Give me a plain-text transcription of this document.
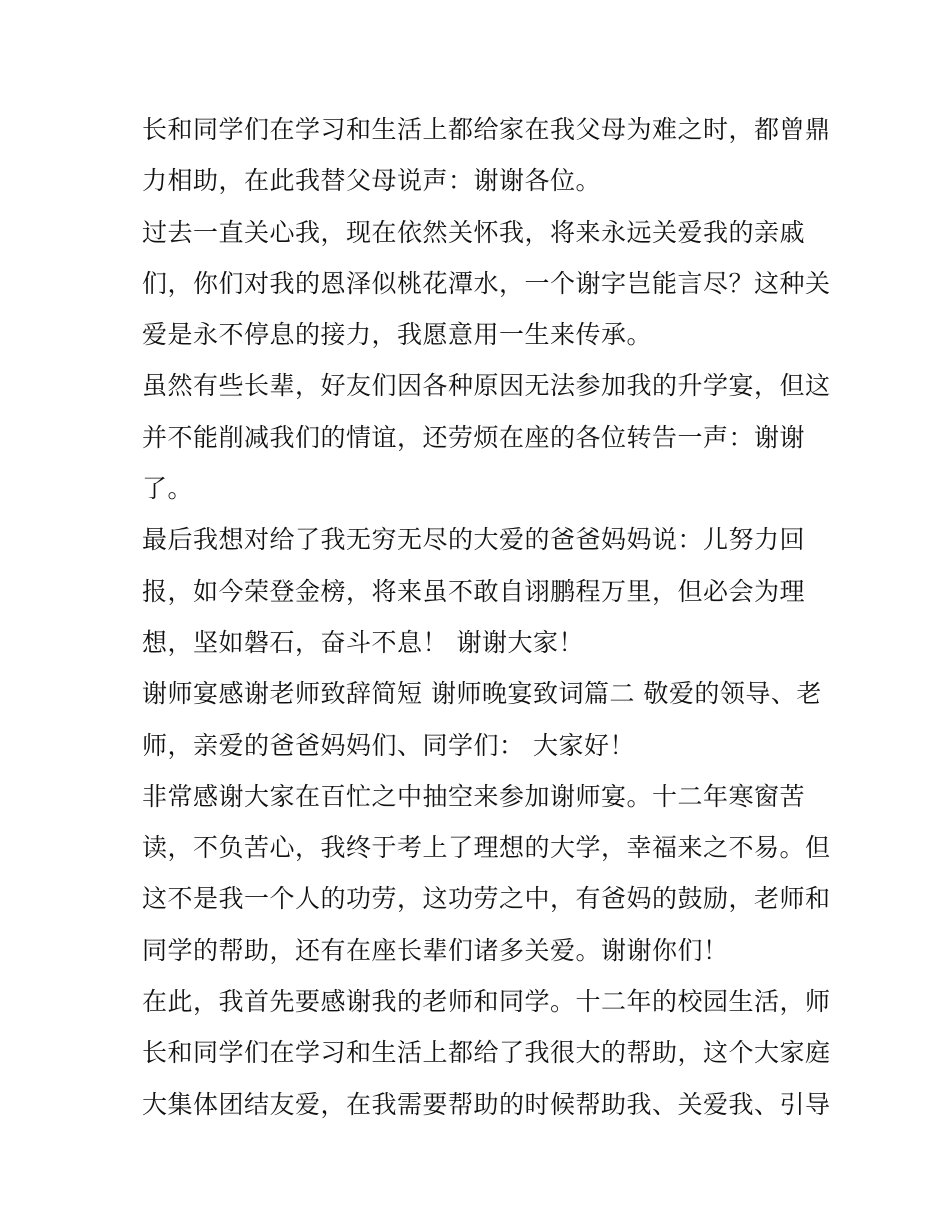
长和同学们在学习和生活上都给家在我父母为难之时，都曾鼎
力相助，在此我替父母说声：谢谢各位。

过去一直关心我，现在依然关怀我，将来永远关爱我的亲戚
们，你们对我的恩泽似桃花潭水，一个谢字岂能言尽？这种关
爱是永不停息的接力，我愿意用一生来传承。

虽然有些长辈，好友们因各种原因无法参加我的升学宴，但这
并不能削减我们的情谊，还劳烦在座的各位转告一声：谢谢
了。

最后我想对给了我无穷无尽的大爱的爸爸妈妈说：儿努力回
报，如今荣登金榜，将来虽不敢自诩鹏程万里，但必会为理
想，坚如磐石，奋斗不息！ 谢谢大家！

谢师宴感谢老师致辞简短 谢师晚宴致词篇二 敬爱的领导、老
师，亲爱的爸爸妈妈们、同学们： 大家好！

非常感谢大家在百忙之中抽空来参加谢师宴。十二年寒窗苦
读，不负苦心，我终于考上了理想的大学，幸福来之不易。但
这不是我一个人的功劳，这功劳之中，有爸妈的鼓励，老师和
同学的帮助，还有在座长辈们诸多关爱。谢谢你们！

在此，我首先要感谢我的老师和同学。十二年的校园生活，师
长和同学们在学习和生活上都给了我很大的帮助，这个大家庭
大集体团结友爱，在我需要帮助的时候帮助我、关爱我、引导
